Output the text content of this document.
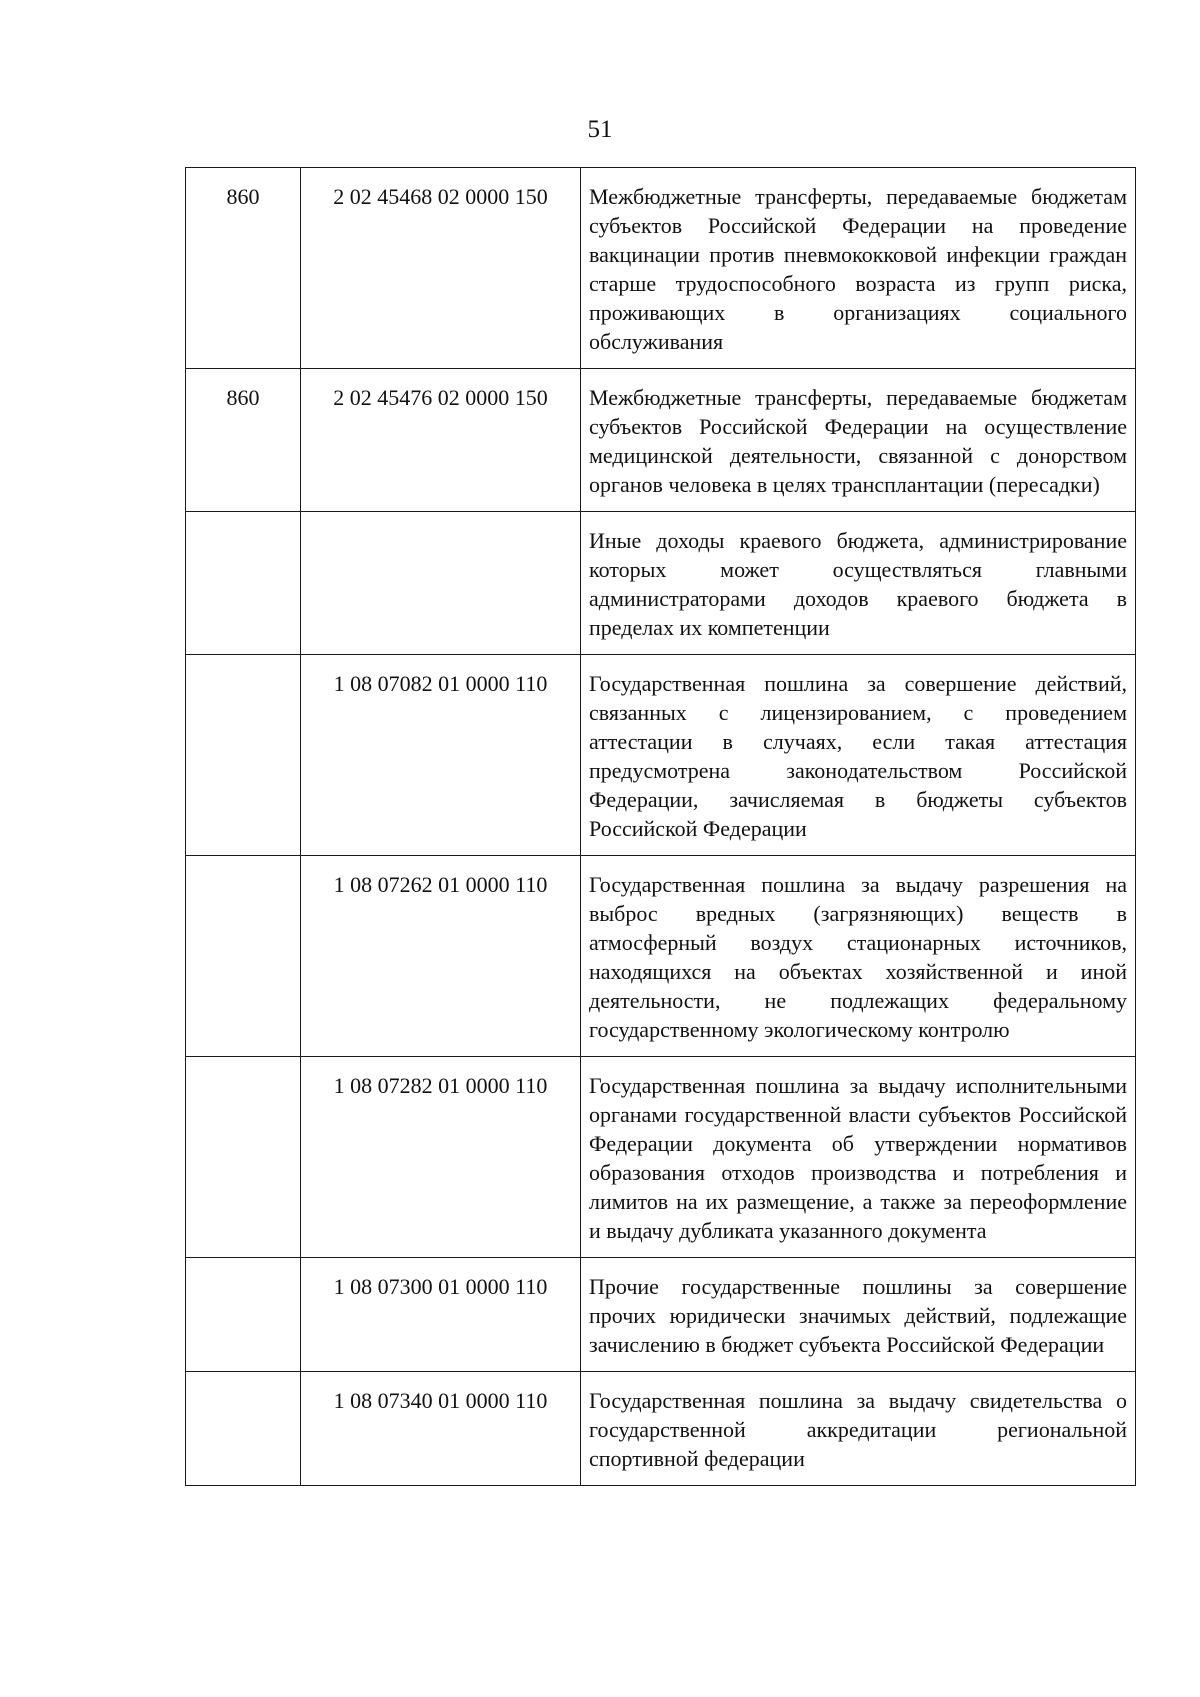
51
860	2 02 45468 02 0000 150	Межбюджетные трансферты, передаваемые бюджетам субъектов Российской Федерации на проведение вакцинации против пневмококковой инфекции граждан старше трудоспособного возраста из групп риска, проживающих в организациях социального обслуживания
860	2 02 45476 02 0000 150	Межбюджетные трансферты, передаваемые бюджетам субъектов Российской Федерации на осуществление медицинской деятельности, связанной с донорством органов человека в целях трансплантации (пересадки)
		Иные доходы краевого бюджета, администрирование которых может осуществляться главными администраторами доходов краевого бюджета в пределах их компетенции
	1 08 07082 01 0000 110	Государственная пошлина за совершение действий, связанных с лицензированием, с проведением аттестации в случаях, если такая аттестация предусмотрена законодательством Российской Федерации, зачисляемая в бюджеты субъектов Российской Федерации
	1 08 07262 01 0000 110	Государственная пошлина за выдачу разрешения на выброс вредных (загрязняющих) веществ в атмосферный воздух стационарных источников, находящихся на объектах хозяйственной и иной деятельности, не подлежащих федеральному государственному экологическому контролю
	1 08 07282 01 0000 110	Государственная пошлина за выдачу исполнительными органами государственной власти субъектов Российской Федерации документа об утверждении нормативов образования отходов производства и потребления и лимитов на их размещение, а также за переоформление и выдачу дубликата указанного документа
	1 08 07300 01 0000 110	Прочие государственные пошлины за совершение прочих юридически значимых действий, подлежащие зачислению в бюджет субъекта Российской Федерации
	1 08 07340 01 0000 110	Государственная пошлина за выдачу свидетельства о государственной аккредитации региональной спортивной федерации
